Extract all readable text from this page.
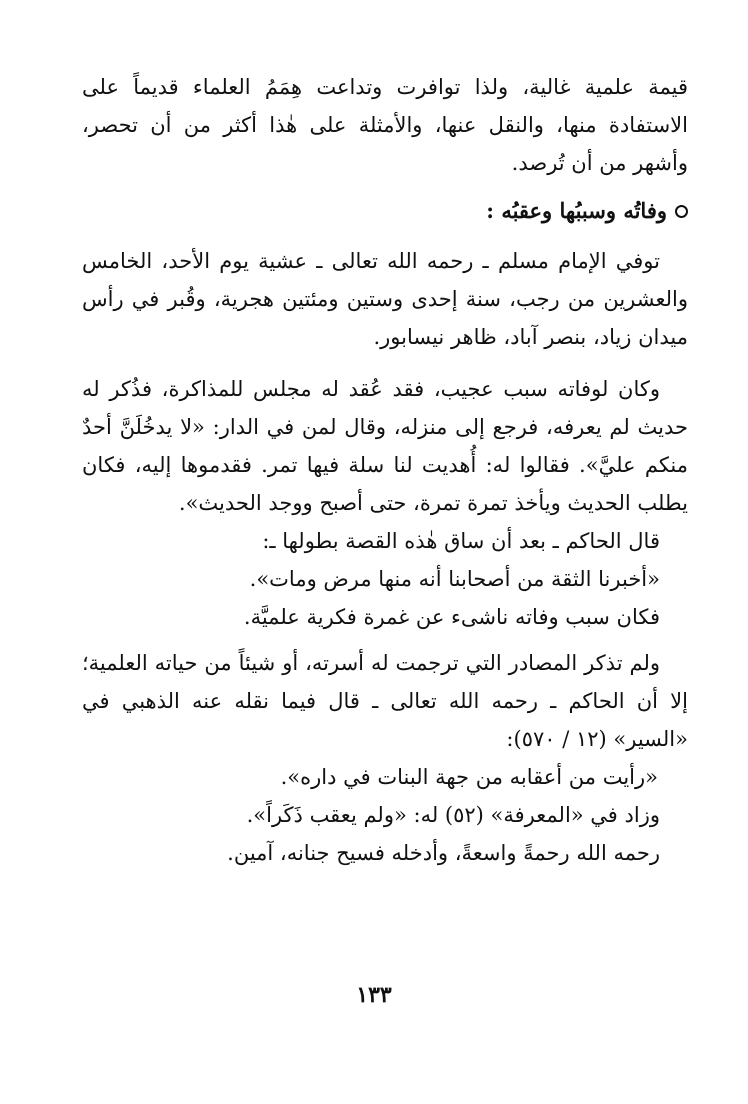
قيمة علمية غالية، ولذا توافرت وتداعت هِمَمُ العلماء قديماً على الاستفادة منها، والنقل عنها، والأمثلة على هٰذا أكثر من أن تحصر، وأشهر من أن تُرصد.

وفاتُه وسببُها وعقبُه :

توفي الإمام مسلم ـ رحمه الله تعالى ـ عشية يوم الأحد، الخامس والعشرين من رجب، سنة إحدى وستين ومئتين هجرية، وقُبر في رأس ميدان زياد، بنصر آباد، ظاهر نيسابور.

وكان لوفاته سبب عجيب، فقد عُقد له مجلس للمذاكرة، فذُكر له حديث لم يعرفه، فرجع إلى منزله، وقال لمن في الدار: «لا يدخُلَنَّ أحدٌ منكم عليَّ». فقالوا له: أُهديت لنا سلة فيها تمر. فقدموها إليه، فكان يطلب الحديث ويأخذ تمرة تمرة، حتى أصبح ووجد الحديث».

قال الحاكم ـ بعد أن ساق هٰذه القصة بطولها ـ:

«أخبرنا الثقة من أصحابنا أنه منها مرض ومات».

فكان سبب وفاته ناشىء عن غمرة فكرية علميَّة.

ولم تذكر المصادر التي ترجمت له أسرته، أو شيئاً من حياته العلمية؛ إلا أن الحاكم ـ رحمه الله تعالى ـ قال فيما نقله عنه الذهبي في «السير» (١٢ / ٥٧٠):

«رأيت من أعقابه من جهة البنات في داره».

وزاد في «المعرفة» (٥٢) له: «ولم يعقب ذَكَراً».

رحمه الله رحمةً واسعةً، وأدخله فسيح جنانه، آمين.

١٣٣
